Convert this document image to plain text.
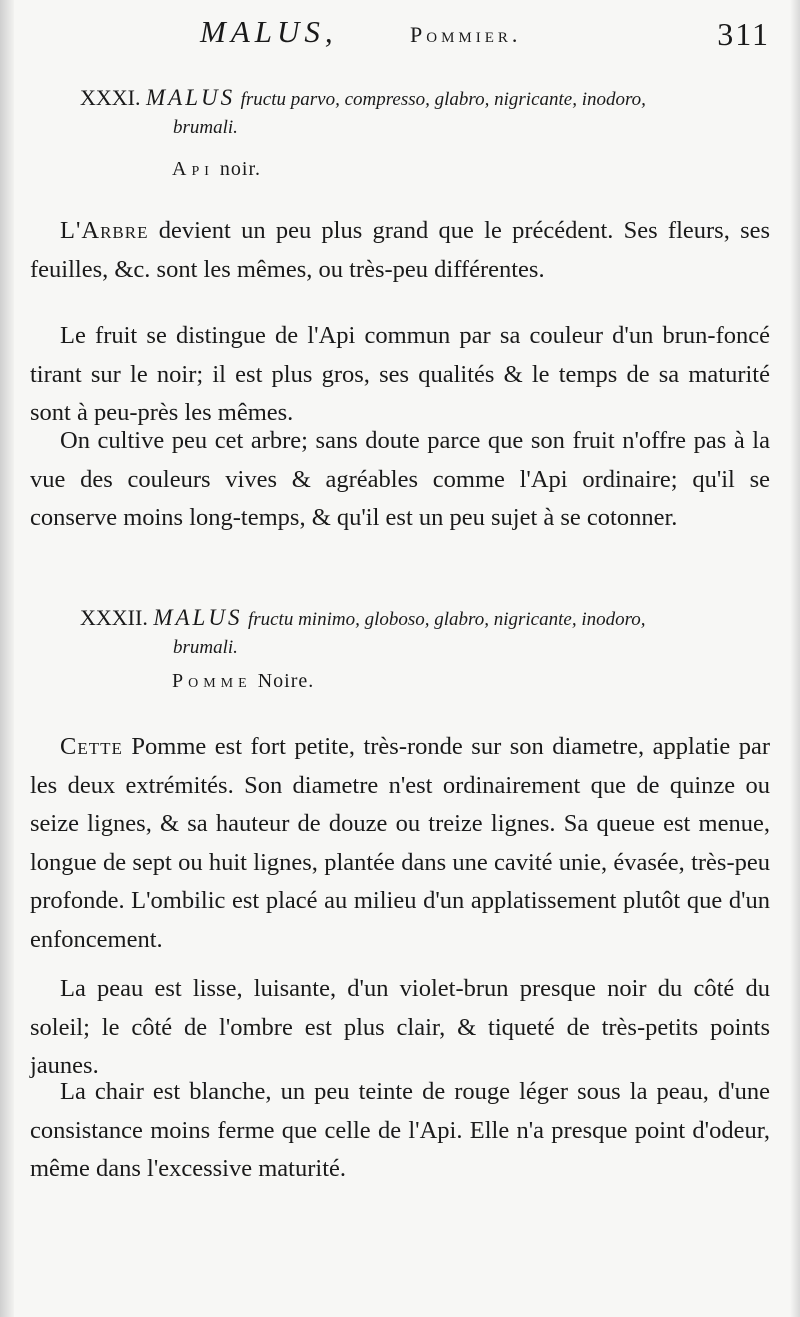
MALUS,	Pommier.	311
XXXI. MALUS fructu parvo, compresso, glabro, nigricante, inodoro,
brumali.
Api noir.

L'Arbre devient un peu plus grand que le précédent. Ses fleurs, ses feuilles, &c. sont les mêmes, ou très-peu différentes.

Le fruit se distingue de l'Api commun par sa couleur d'un brun-foncé tirant sur le noir; il est plus gros, ses qualités & le temps de sa maturité sont à peu-près les mêmes.

On cultive peu cet arbre; sans doute parce que son fruit n'offre pas à la vue des couleurs vives & agréables comme l'Api ordinaire; qu'il se conserve moins long-temps, & qu'il est un peu sujet à se cotonner.

XXXII. MALUS fructu minimo, globoso, glabro, nigricante, inodoro,
brumali.
Pomme Noire.

Cette Pomme est fort petite, très-ronde sur son diametre, applatie par les deux extrémités. Son diametre n'est ordinairement que de quinze ou seize lignes, & sa hauteur de douze ou treize lignes. Sa queue est menue, longue de sept ou huit lignes, plantée dans une cavité unie, évasée, très-peu profonde. L'ombilic est placé au milieu d'un applatissement plutôt que d'un enfoncement.

La peau est lisse, luisante, d'un violet-brun presque noir du côté du soleil; le côté de l'ombre est plus clair, & tiqueté de très-petits points jaunes.

La chair est blanche, un peu teinte de rouge léger sous la peau, d'une consistance moins ferme que celle de l'Api. Elle n'a presque point d'odeur, même dans l'excessive maturité.
